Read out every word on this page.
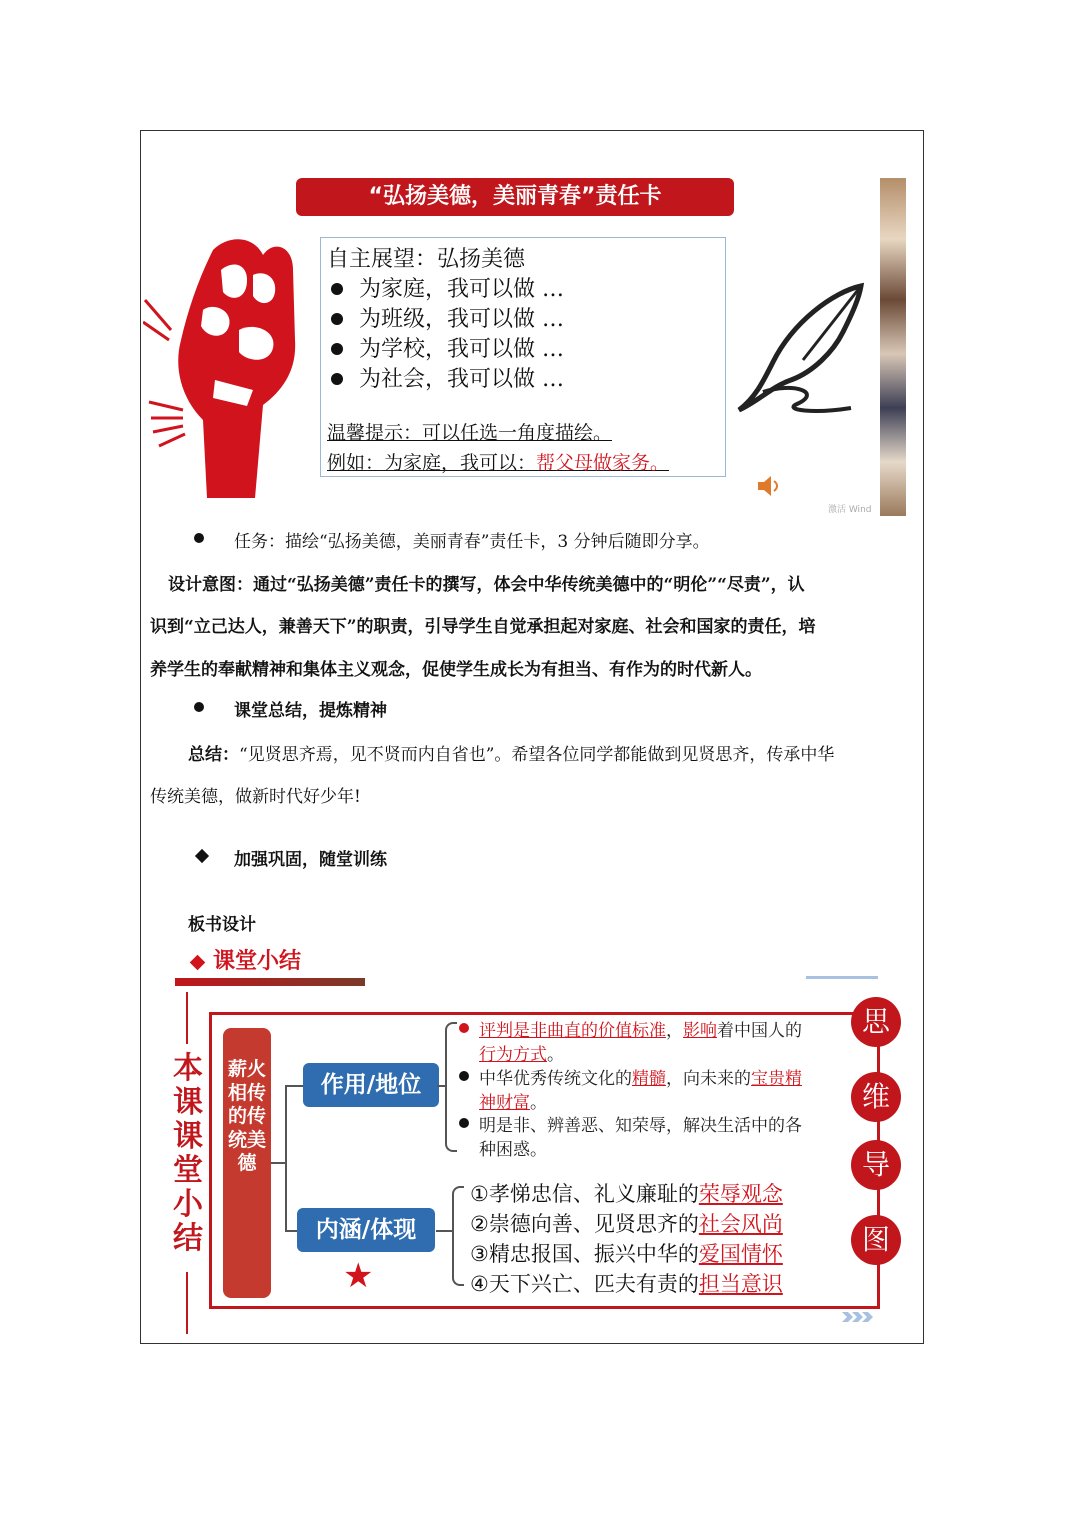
“弘扬美德，美丽青春”责任卡
自主展望：弘扬美德
为家庭，我可以做 …
为班级，我可以做 …
为学校，我可以做 …
为社会，我可以做 …
温馨提示：可以任选一角度描绘。
例如：为家庭，我可以：帮父母做家务。
激活 Wind
任务：描绘“弘扬美德，美丽青春”责任卡，3 分钟后随即分享。
设计意图：通过“弘扬美德”责任卡的撰写，体会中华传统美德中的“明伦”“尽责”，认
识到“立己达人，兼善天下”的职责，引导学生自觉承担起对家庭、社会和国家的责任，培
养学生的奉献精神和集体主义观念，促使学生成长为有担当、有作为的时代新人。
课堂总结，提炼精神
总结：“见贤思齐焉，见不贤而内自省也”。希望各位同学都能做到见贤思齐，传承中华
传统美德，做新时代好少年!
加强巩固，随堂训练
板书设计
课堂小结
本课课堂小结
薪火相传的传统美德
作用/地位
内涵/体现
★
评判是非曲直的价值标准，影响着中国人的
行为方式。
中华优秀传统文化的精髓，向未来的宝贵精
神财富。
明是非、辨善恶、知荣辱，解决生活中的各
种困惑。
①孝悌忠信、礼义廉耻的荣辱观念
②崇德向善、见贤思齐的社会风尚
③精忠报国、振兴中华的爱国情怀
④天下兴亡、匹夫有责的担当意识
思
维
导
图
